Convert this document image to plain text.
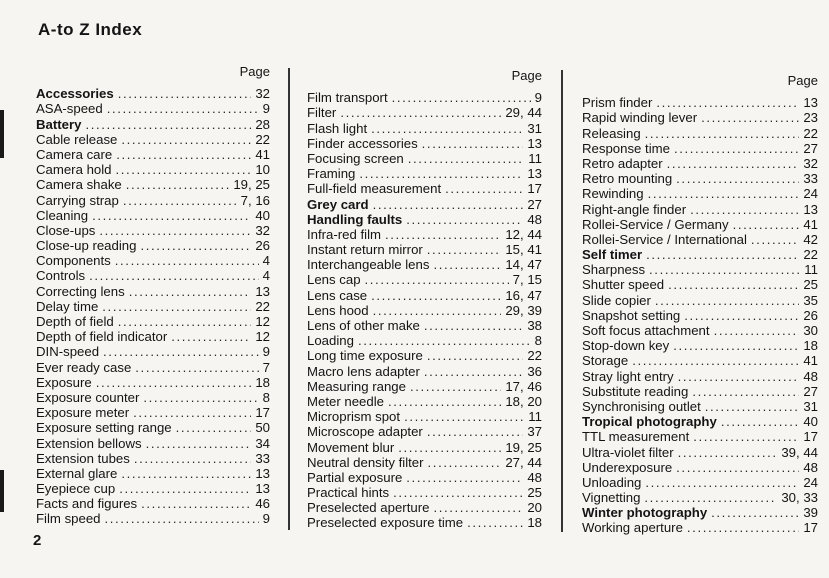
A-to Z Index
Page
Accessories .....	32
ASA-speed .....	9
Battery .....	28
Cable release .....	22
Camera care .....	41
Camera hold .....	10
Camera shake .....	19, 25
Carrying strap .....	7, 16
Cleaning .....	40
Close-ups .....	32
Close-up reading .....	26
Components .....	4
Controls .....	4
Correcting lens .....	13
Delay time .....	22
Depth of field .....	12
Depth of field indicator .....	12
DIN-speed .....	9
Ever ready case .....	7
Exposure .....	18
Exposure counter .....	8
Exposure meter .....	17
Exposure setting range .....	50
Extension bellows .....	34
Extension tubes .....	33
External glare .....	13
Eyepiece cup .....	13
Facts and figures .....	46
Film speed .....	9
Page
Film transport .....	9
Filter .....	29, 44
Flash light .....	31
Finder accessories .....	13
Focusing screen .....	11
Framing .....	13
Full-field measurement .....	17
Grey card .....	27
Handling faults .....	48
Infra-red film .....	12, 44
Instant return mirror .....	15, 41
Interchangeable lens .....	14, 47
Lens cap .....	7, 15
Lens case .....	16, 47
Lens hood .....	29, 39
Lens of other make .....	38
Loading .....	8
Long time exposure .....	22
Macro lens adapter .....	36
Measuring range .....	17, 46
Meter needle .....	18, 20
Microprism spot .....	11
Microscope adapter .....	37
Movement blur .....	19, 25
Neutral density filter .....	27, 44
Partial exposure .....	48
Practical hints .....	25
Preselected aperture .....	20
Preselected exposure time .....	18
Page
Prism finder .....	13
Rapid winding lever .....	23
Releasing .....	22
Response time .....	27
Retro adapter .....	32
Retro mounting .....	33
Rewinding .....	24
Right-angle finder .....	13
Rollei-Service / Germany .....	41
Rollei-Service / International .....	42
Self timer .....	22
Sharpness .....	11
Shutter speed .....	25
Slide copier .....	35
Snapshot setting .....	26
Soft focus attachment .....	30
Stop-down key .....	18
Storage .....	41
Stray light entry .....	48
Substitute reading .....	27
Synchronising outlet .....	31
Tropical photography .....	40
TTL measurement .....	17
Ultra-violet filter .....	39, 44
Underexposure .....	48
Unloading .....	24
Vignetting .....	30, 33
Winter photography .....	39
Working aperture .....	17
2
